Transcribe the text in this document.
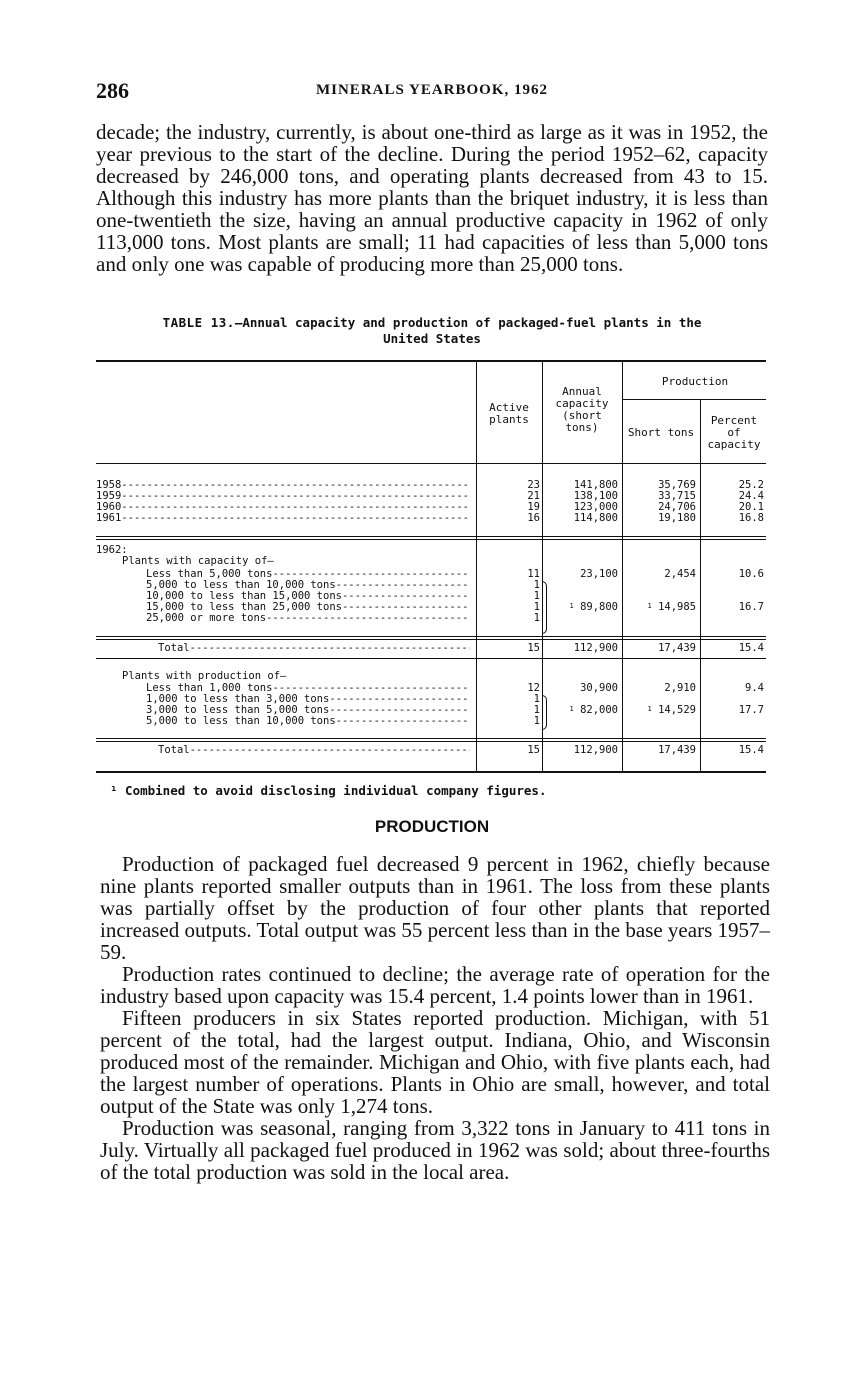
286	MINERALS YEARBOOK, 1962

decade; the industry, currently, is about one-third as large as it was in 1952, the year previous to the start of the decline. During the period 1952–62, capacity decreased by 246,000 tons, and operating plants decreased from 43 to 15. Although this industry has more plants than the briquet industry, it is less than one-twentieth the size, having an annual productive capacity in 1962 of only 113,000 tons. Most plants are small; 11 had capacities of less than 5,000 tons and only one was capable of producing more than 25,000 tons.

TABLE 13.—Annual capacity and production of packaged-fuel plants in the
United States
Active plants
Annual capacity (short tons)
Production
Short tons
Percent of capacity
1958 -----	23	141,800	35,769	25.2
1959 -----	21	138,100	33,715	24.4
1960 -----	19	123,000	24,706	20.1
1961 -----	16	114,800	19,180	16.8
1962:
Plants with capacity of—
Less than 5,000 tons -----	11	23,100	2,454	10.6
5,000 to less than 10,000 tons -----	1
10,000 to less than 15,000 tons -----	1
15,000 to less than 25,000 tons -----	1	$^1$ 89,800	$^1$ 14,985	16.7
25,000 or more tons -----	1
Total -----	15	112,900	17,439	15.4
Plants with production of—
Less than 1,000 tons -----	12	30,900	2,910	9.4
1,000 to less than 3,000 tons -----	1
3,000 to less than 5,000 tons -----	1	$^1$ 82,000	$^1$ 14,529	17.7
5,000 to less than 10,000 tons -----	1
Total -----	15	112,900	17,439	15.4
¹ Combined to avoid disclosing individual company figures.
PRODUCTION

Production of packaged fuel decreased 9 percent in 1962, chiefly because nine plants reported smaller outputs than in 1961. The loss from these plants was partially offset by the production of four other plants that reported increased outputs. Total output was 55 percent less than in the base years 1957–59.

Production rates continued to decline; the average rate of operation for the industry based upon capacity was 15.4 percent, 1.4 points lower than in 1961.

Fifteen producers in six States reported production. Michigan, with 51 percent of the total, had the largest output. Indiana, Ohio, and Wisconsin produced most of the remainder. Michigan and Ohio, with five plants each, had the largest number of operations. Plants in Ohio are small, however, and total output of the State was only 1,274 tons.

Production was seasonal, ranging from 3,322 tons in January to 411 tons in July. Virtually all packaged fuel produced in 1962 was sold; about three-fourths of the total production was sold in the local area.
